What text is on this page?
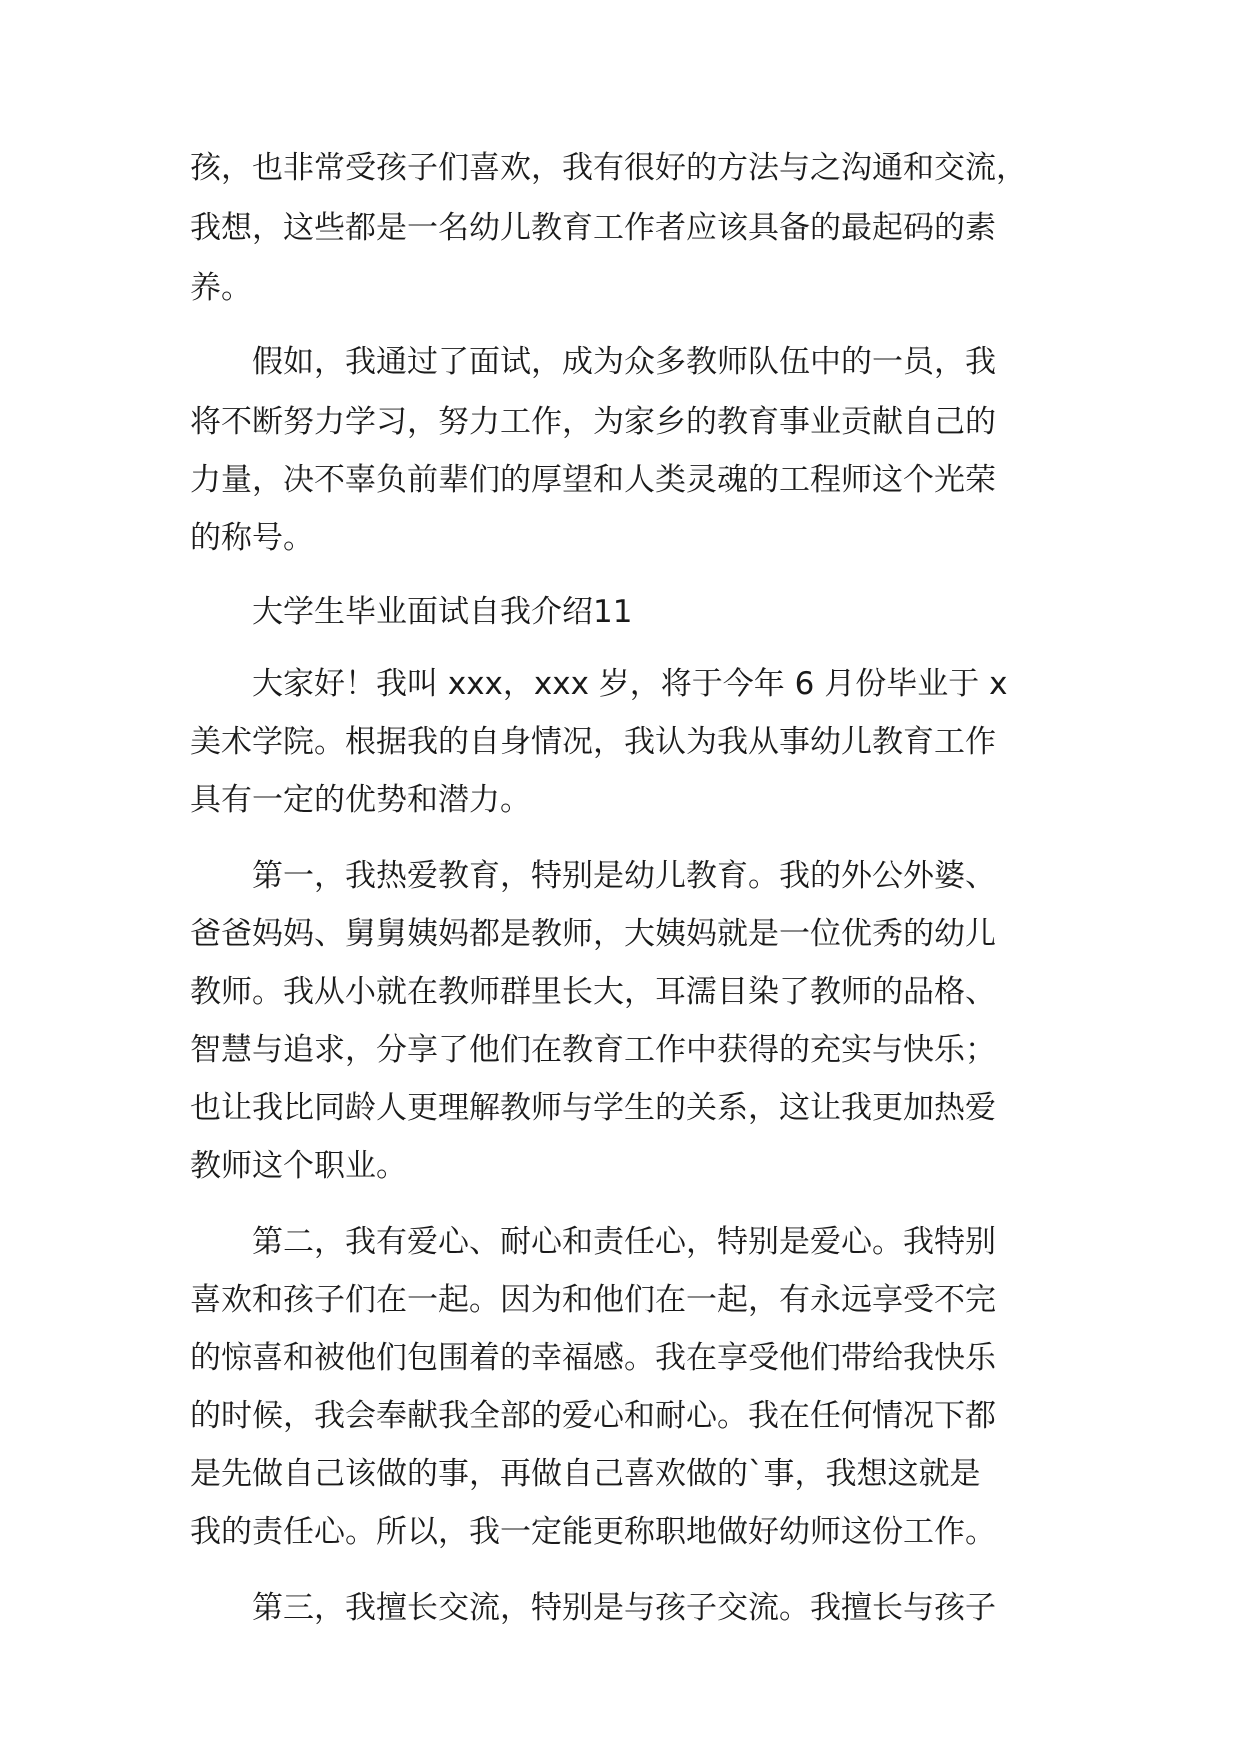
孩，也非常受孩子们喜欢，我有很好的方法与之沟通和交流，
我想，这些都是一名幼儿教育工作者应该具备的最起码的素
养。
假如，我通过了面试，成为众多教师队伍中的一员，我
将不断努力学习，努力工作，为家乡的教育事业贡献自己的
力量，决不辜负前辈们的厚望和人类灵魂的工程师这个光荣
的称号。
大学生毕业面试自我介绍11
大家好！我叫 xxx，xxx 岁，将于今年 6 月份毕业于 x
美术学院。根据我的自身情况，我认为我从事幼儿教育工作
具有一定的优势和潜力。
第一，我热爱教育，特别是幼儿教育。我的外公外婆、
爸爸妈妈、舅舅姨妈都是教师，大姨妈就是一位优秀的幼儿
教师。我从小就在教师群里长大，耳濡目染了教师的品格、
智慧与追求，分享了他们在教育工作中获得的充实与快乐；
也让我比同龄人更理解教师与学生的关系，这让我更加热爱
教师这个职业。
第二，我有爱心、耐心和责任心，特别是爱心。我特别
喜欢和孩子们在一起。因为和他们在一起，有永远享受不完
的惊喜和被他们包围着的幸福感。我在享受他们带给我快乐
的时候，我会奉献我全部的爱心和耐心。我在任何情况下都
是先做自己该做的事，再做自己喜欢做的`事，我想这就是
我的责任心。所以，我一定能更称职地做好幼师这份工作。
第三，我擅长交流，特别是与孩子交流。我擅长与孩子
